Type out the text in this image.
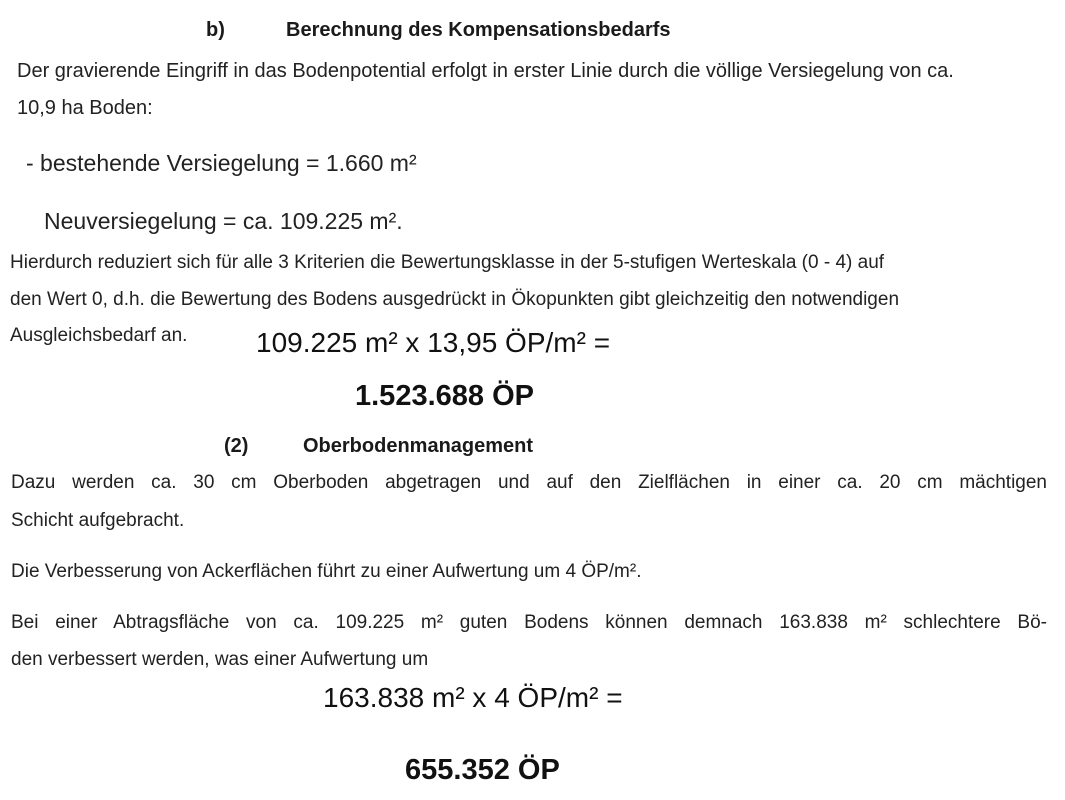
b)	Berechnung des Kompensationsbedarfs
Der gravierende Eingriff in das Bodenpotential erfolgt in erster Linie durch die völlige Versiegelung von ca.
10,9 ha Boden:
- bestehende Versiegelung = 1.660 m²
Neuversiegelung = ca. 109.225 m².
Hierdurch reduziert sich für alle 3 Kriterien die Bewertungsklasse in der 5-stufigen Werteskala (0 - 4) auf
den Wert 0, d.h. die Bewertung des Bodens ausgedrückt in Ökopunkten gibt gleichzeitig den notwendigen
Ausgleichsbedarf an. 109.225 m² x 13,95 ÖP/m² =
1.523.688 ÖP
(2)	Oberbodenmanagement
Dazu werden ca. 30 cm Oberboden abgetragen und auf den Zielflächen in einer ca. 20 cm mächtigen
Schicht aufgebracht.
Die Verbesserung von Ackerflächen führt zu einer Aufwertung um 4 ÖP/m².
Bei einer Abtragsfläche von ca. 109.225 m² guten Bodens können demnach 163.838 m² schlechtere Bö-
den verbessert werden, was einer Aufwertung um
163.838 m² x 4 ÖP/m² =
655.352 ÖP
